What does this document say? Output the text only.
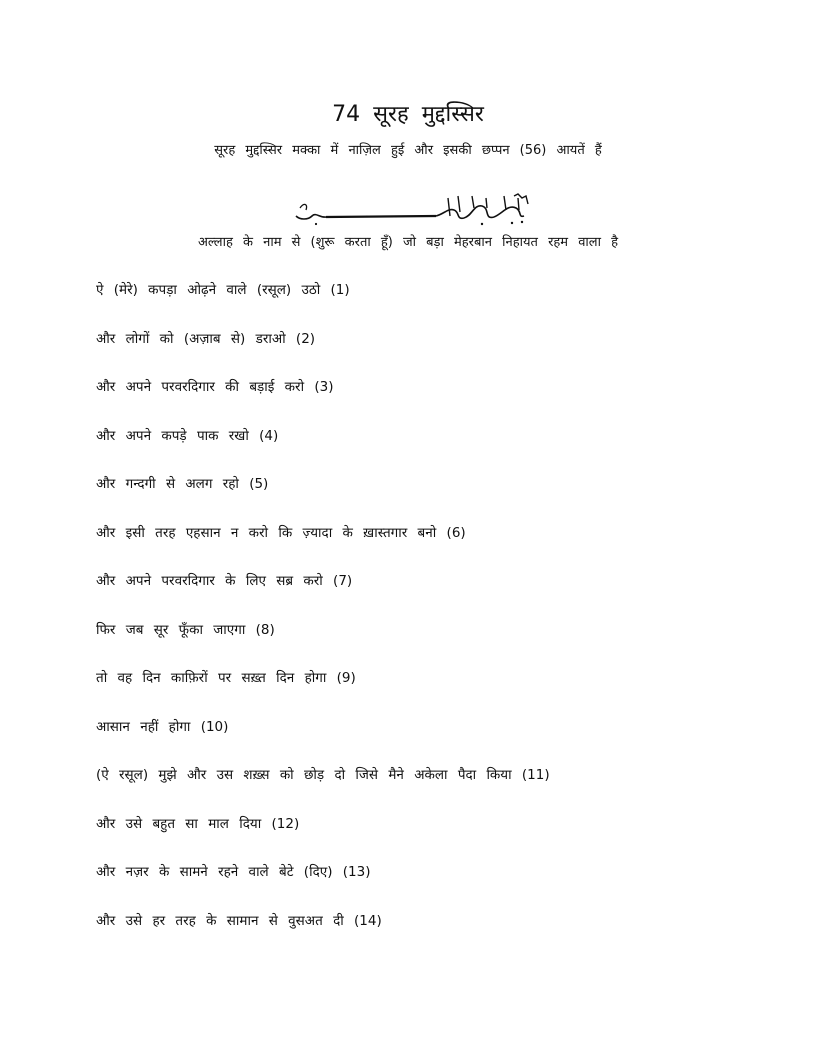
74 सूरह मुद्दस्सिर
सूरह मुद्दस्सिर मक्का में नाज़िल हुई और इसकी छप्पन (56) आयतें हैं
अल्लाह के नाम से (शुरू करता हूँ) जो बड़ा मेहरबान निहायत रहम वाला है
ऐ (मेरे) कपड़ा ओढ़ने वाले (रसूल) उठो (1)
और लोगों को (अज़ाब से) डराओ (2)
और अपने परवरदिगार की बड़ाई करो (3)
और अपने कपड़े पाक रखो (4)
और गन्दगी से अलग रहो (5)
और इसी तरह एहसान न करो कि ज़्यादा के ख़ास्तगार बनो (6)
और अपने परवरदिगार के लिए सब्र करो (7)
फिर जब सूर फूँका जाएगा (8)
तो वह दिन काफ़िरों पर सख़्त दिन होगा (9)
आसान नहीं होगा (10)
(ऐ रसूल) मुझे और उस शख़्स को छोड़ दो जिसे मैने अकेला पैदा किया (11)
और उसे बहुत सा माल दिया (12)
और नज़र के सामने रहने वाले बेटे (दिए) (13)
और उसे हर तरह के सामान से वुसअत दी (14)
